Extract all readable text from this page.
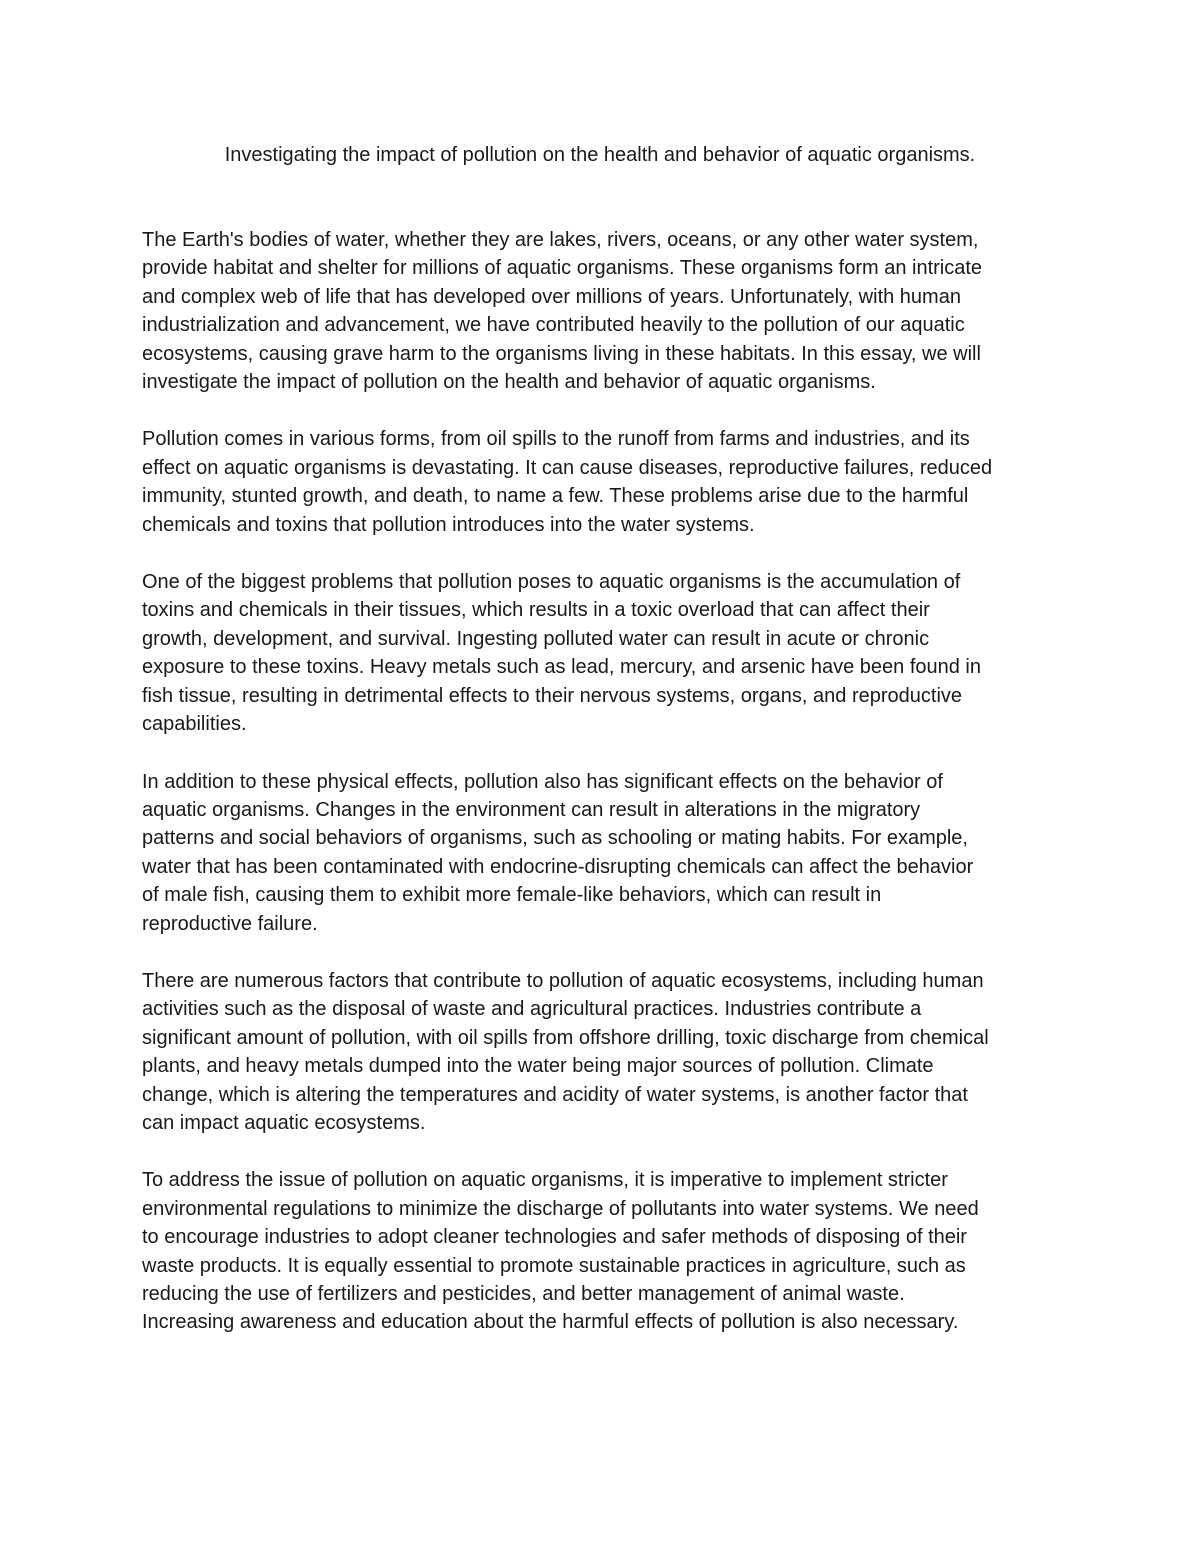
Investigating the impact of pollution on the health and behavior of aquatic organisms.

The Earth's bodies of water, whether they are lakes, rivers, oceans, or any other water system,
provide habitat and shelter for millions of aquatic organisms. These organisms form an intricate
and complex web of life that has developed over millions of years. Unfortunately, with human
industrialization and advancement, we have contributed heavily to the pollution of our aquatic
ecosystems, causing grave harm to the organisms living in these habitats. In this essay, we will
investigate the impact of pollution on the health and behavior of aquatic organisms.

Pollution comes in various forms, from oil spills to the runoff from farms and industries, and its
effect on aquatic organisms is devastating. It can cause diseases, reproductive failures, reduced
immunity, stunted growth, and death, to name a few. These problems arise due to the harmful
chemicals and toxins that pollution introduces into the water systems.

One of the biggest problems that pollution poses to aquatic organisms is the accumulation of
toxins and chemicals in their tissues, which results in a toxic overload that can affect their
growth, development, and survival. Ingesting polluted water can result in acute or chronic
exposure to these toxins. Heavy metals such as lead, mercury, and arsenic have been found in
fish tissue, resulting in detrimental effects to their nervous systems, organs, and reproductive
capabilities.

In addition to these physical effects, pollution also has significant effects on the behavior of
aquatic organisms. Changes in the environment can result in alterations in the migratory
patterns and social behaviors of organisms, such as schooling or mating habits. For example,
water that has been contaminated with endocrine-disrupting chemicals can affect the behavior
of male fish, causing them to exhibit more female-like behaviors, which can result in
reproductive failure.

There are numerous factors that contribute to pollution of aquatic ecosystems, including human
activities such as the disposal of waste and agricultural practices. Industries contribute a
significant amount of pollution, with oil spills from offshore drilling, toxic discharge from chemical
plants, and heavy metals dumped into the water being major sources of pollution. Climate
change, which is altering the temperatures and acidity of water systems, is another factor that
can impact aquatic ecosystems.

To address the issue of pollution on aquatic organisms, it is imperative to implement stricter
environmental regulations to minimize the discharge of pollutants into water systems. We need
to encourage industries to adopt cleaner technologies and safer methods of disposing of their
waste products. It is equally essential to promote sustainable practices in agriculture, such as
reducing the use of fertilizers and pesticides, and better management of animal waste.
Increasing awareness and education about the harmful effects of pollution is also necessary.
